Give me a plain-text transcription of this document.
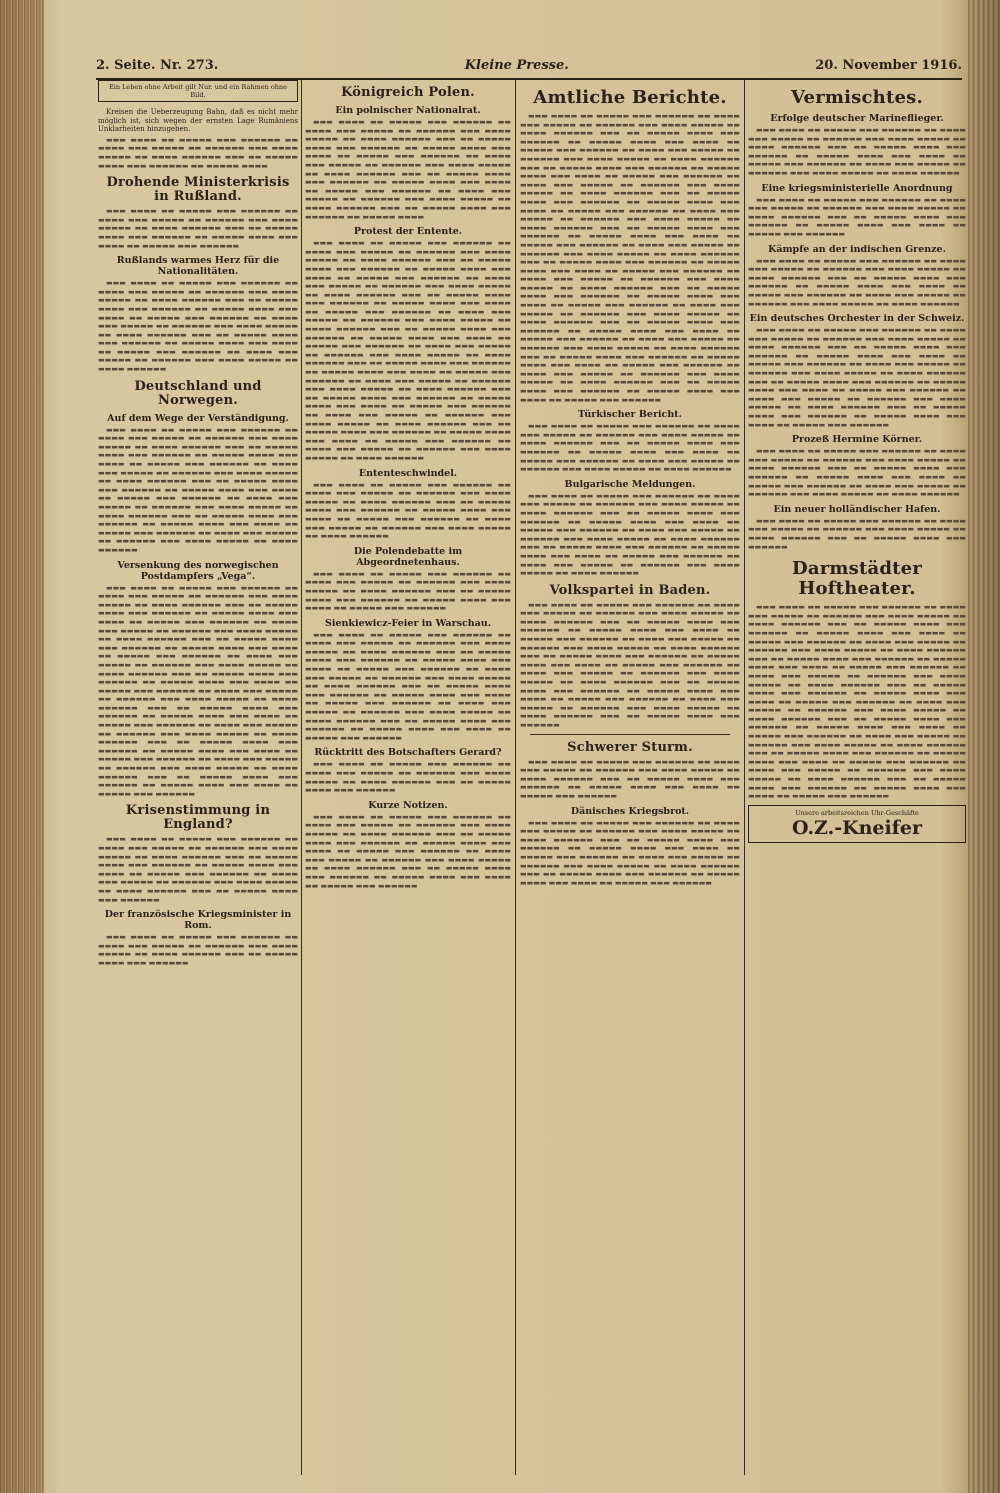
2. Seite. Nr. 273.	Kleine Presse.	20. November 1916.
Ein Leben ohne Arbeit gilt Nur. und ein Rahmen ohne Bild.

Kreisen die Ueberzeugung Bahn, daß es nicht mehr möglich ist, sich wegen der ernsten Lage Rumäniens Unklarheiten hinzugeben.

▬▬▬ ▬▬▬▬ ▬▬ ▬▬▬▬▬ ▬▬▬ ▬▬▬▬▬▬ ▬▬ ▬▬▬▬ ▬▬▬ ▬▬▬▬▬ ▬▬ ▬▬▬▬▬▬ ▬▬▬ ▬▬▬▬ ▬▬▬▬▬ ▬▬ ▬▬▬▬ ▬▬▬▬▬▬ ▬▬▬ ▬▬ ▬▬▬▬▬ ▬▬▬▬ ▬▬▬ ▬▬▬▬▬▬ ▬▬ ▬▬▬▬▬ ▬▬▬▬

Drohende Ministerkrisis in Rußland.

▬▬▬ ▬▬▬▬ ▬▬ ▬▬▬▬▬ ▬▬▬ ▬▬▬▬▬▬ ▬▬ ▬▬▬▬ ▬▬▬ ▬▬▬▬▬ ▬▬ ▬▬▬▬▬▬ ▬▬▬ ▬▬▬▬ ▬▬▬▬▬ ▬▬ ▬▬▬▬ ▬▬▬▬▬▬ ▬▬▬ ▬▬ ▬▬▬▬▬ ▬▬▬▬ ▬▬▬ ▬▬▬▬▬▬ ▬▬ ▬▬▬▬▬ ▬▬▬▬ ▬▬▬ ▬▬▬▬ ▬▬ ▬▬▬▬▬ ▬▬▬ ▬▬▬▬▬▬

Rußlands warmes Herz für die Nationalitäten.

▬▬▬ ▬▬▬▬ ▬▬ ▬▬▬▬▬ ▬▬▬ ▬▬▬▬▬▬ ▬▬ ▬▬▬▬ ▬▬▬ ▬▬▬▬▬ ▬▬ ▬▬▬▬▬▬ ▬▬▬ ▬▬▬▬ ▬▬▬▬▬ ▬▬ ▬▬▬▬ ▬▬▬▬▬▬ ▬▬▬ ▬▬ ▬▬▬▬▬ ▬▬▬▬ ▬▬▬ ▬▬▬▬▬▬ ▬▬ ▬▬▬▬▬ ▬▬▬▬ ▬▬▬ ▬▬▬▬ ▬▬ ▬▬▬▬▬ ▬▬▬ ▬▬▬▬▬▬ ▬▬ ▬▬▬▬ ▬▬▬ ▬▬▬▬▬ ▬▬ ▬▬▬▬▬▬ ▬▬▬ ▬▬▬▬ ▬▬▬▬▬ ▬▬ ▬▬▬▬ ▬▬▬▬▬▬ ▬▬▬ ▬▬ ▬▬▬▬▬ ▬▬▬▬ ▬▬▬ ▬▬▬▬▬▬ ▬▬ ▬▬▬▬▬ ▬▬▬▬ ▬▬▬ ▬▬▬▬ ▬▬ ▬▬▬▬▬ ▬▬▬ ▬▬▬▬▬▬ ▬▬ ▬▬▬▬ ▬▬▬ ▬▬▬▬▬ ▬▬ ▬▬▬▬▬▬ ▬▬▬ ▬▬▬▬ ▬▬▬▬▬ ▬▬ ▬▬▬▬ ▬▬▬▬▬▬

Deutschland und Norwegen.
Auf dem Wege der Verständigung.

▬▬▬ ▬▬▬▬ ▬▬ ▬▬▬▬▬ ▬▬▬ ▬▬▬▬▬▬ ▬▬ ▬▬▬▬ ▬▬▬ ▬▬▬▬▬ ▬▬ ▬▬▬▬▬▬ ▬▬▬ ▬▬▬▬ ▬▬▬▬▬ ▬▬ ▬▬▬▬ ▬▬▬▬▬▬ ▬▬▬ ▬▬ ▬▬▬▬▬ ▬▬▬▬ ▬▬▬ ▬▬▬▬▬▬ ▬▬ ▬▬▬▬▬ ▬▬▬▬ ▬▬▬ ▬▬▬▬ ▬▬ ▬▬▬▬▬ ▬▬▬ ▬▬▬▬▬▬ ▬▬ ▬▬▬▬ ▬▬▬ ▬▬▬▬▬ ▬▬ ▬▬▬▬▬▬ ▬▬▬ ▬▬▬▬ ▬▬▬▬▬ ▬▬ ▬▬▬▬ ▬▬▬▬▬▬ ▬▬▬ ▬▬ ▬▬▬▬▬ ▬▬▬▬ ▬▬▬ ▬▬▬▬▬▬ ▬▬ ▬▬▬▬▬ ▬▬▬▬ ▬▬▬ ▬▬▬▬ ▬▬ ▬▬▬▬▬ ▬▬▬ ▬▬▬▬▬▬ ▬▬ ▬▬▬▬ ▬▬▬ ▬▬▬▬▬ ▬▬ ▬▬▬▬▬▬ ▬▬▬ ▬▬▬▬ ▬▬▬▬▬ ▬▬ ▬▬▬▬ ▬▬▬▬▬▬ ▬▬▬ ▬▬ ▬▬▬▬▬ ▬▬▬▬ ▬▬▬ ▬▬▬▬▬▬ ▬▬ ▬▬▬▬▬ ▬▬▬▬ ▬▬▬ ▬▬▬▬ ▬▬ ▬▬▬▬▬ ▬▬▬ ▬▬▬▬▬▬ ▬▬ ▬▬▬▬ ▬▬▬ ▬▬▬▬▬ ▬▬ ▬▬▬▬▬▬ ▬▬▬ ▬▬▬▬ ▬▬▬▬▬ ▬▬ ▬▬▬▬ ▬▬▬▬▬▬

Versenkung des norwegischen Postdampfers „Vega“.

▬▬▬ ▬▬▬▬ ▬▬ ▬▬▬▬▬ ▬▬▬ ▬▬▬▬▬▬ ▬▬ ▬▬▬▬ ▬▬▬ ▬▬▬▬▬ ▬▬ ▬▬▬▬▬▬ ▬▬▬ ▬▬▬▬ ▬▬▬▬▬ ▬▬ ▬▬▬▬ ▬▬▬▬▬▬ ▬▬▬ ▬▬ ▬▬▬▬▬ ▬▬▬▬ ▬▬▬ ▬▬▬▬▬▬ ▬▬ ▬▬▬▬▬ ▬▬▬▬ ▬▬▬ ▬▬▬▬ ▬▬ ▬▬▬▬▬ ▬▬▬ ▬▬▬▬▬▬ ▬▬ ▬▬▬▬ ▬▬▬ ▬▬▬▬▬ ▬▬ ▬▬▬▬▬▬ ▬▬▬ ▬▬▬▬ ▬▬▬▬▬ ▬▬ ▬▬▬▬ ▬▬▬▬▬▬ ▬▬▬ ▬▬ ▬▬▬▬▬ ▬▬▬▬ ▬▬▬ ▬▬▬▬▬▬ ▬▬ ▬▬▬▬▬ ▬▬▬▬ ▬▬▬ ▬▬▬▬ ▬▬ ▬▬▬▬▬ ▬▬▬ ▬▬▬▬▬▬ ▬▬ ▬▬▬▬ ▬▬▬ ▬▬▬▬▬ ▬▬ ▬▬▬▬▬▬ ▬▬▬ ▬▬▬▬ ▬▬▬▬▬ ▬▬ ▬▬▬▬ ▬▬▬▬▬▬ ▬▬▬ ▬▬ ▬▬▬▬▬ ▬▬▬▬ ▬▬▬ ▬▬▬▬▬▬ ▬▬ ▬▬▬▬▬ ▬▬▬▬ ▬▬▬ ▬▬▬▬ ▬▬ ▬▬▬▬▬ ▬▬▬ ▬▬▬▬▬▬ ▬▬ ▬▬▬▬ ▬▬▬ ▬▬▬▬▬ ▬▬ ▬▬▬▬▬▬ ▬▬▬ ▬▬▬▬ ▬▬▬▬▬ ▬▬ ▬▬▬▬ ▬▬▬▬▬▬ ▬▬▬ ▬▬ ▬▬▬▬▬ ▬▬▬▬ ▬▬▬ ▬▬▬▬▬▬ ▬▬ ▬▬▬▬▬ ▬▬▬▬ ▬▬▬ ▬▬▬▬ ▬▬ ▬▬▬▬▬ ▬▬▬ ▬▬▬▬▬▬ ▬▬ ▬▬▬▬ ▬▬▬ ▬▬▬▬▬ ▬▬ ▬▬▬▬▬▬ ▬▬▬ ▬▬▬▬ ▬▬▬▬▬ ▬▬ ▬▬▬▬ ▬▬▬▬▬▬ ▬▬▬ ▬▬ ▬▬▬▬▬ ▬▬▬▬ ▬▬▬ ▬▬▬▬▬▬ ▬▬ ▬▬▬▬▬ ▬▬▬▬ ▬▬▬ ▬▬▬▬ ▬▬ ▬▬▬▬▬ ▬▬▬ ▬▬▬▬▬▬ ▬▬ ▬▬▬▬ ▬▬▬ ▬▬▬▬▬ ▬▬ ▬▬▬▬▬▬ ▬▬▬ ▬▬▬▬ ▬▬▬▬▬ ▬▬ ▬▬▬▬ ▬▬▬▬▬▬ ▬▬▬ ▬▬ ▬▬▬▬▬ ▬▬▬▬ ▬▬▬ ▬▬▬▬▬▬ ▬▬ ▬▬▬▬▬ ▬▬▬▬ ▬▬▬ ▬▬▬▬ ▬▬ ▬▬▬▬▬ ▬▬▬ ▬▬▬▬▬▬

Krisenstimmung in England?

▬▬▬ ▬▬▬▬ ▬▬ ▬▬▬▬▬ ▬▬▬ ▬▬▬▬▬▬ ▬▬ ▬▬▬▬ ▬▬▬ ▬▬▬▬▬ ▬▬ ▬▬▬▬▬▬ ▬▬▬ ▬▬▬▬ ▬▬▬▬▬ ▬▬ ▬▬▬▬ ▬▬▬▬▬▬ ▬▬▬ ▬▬ ▬▬▬▬▬ ▬▬▬▬ ▬▬▬ ▬▬▬▬▬▬ ▬▬ ▬▬▬▬▬ ▬▬▬▬ ▬▬▬ ▬▬▬▬ ▬▬ ▬▬▬▬▬ ▬▬▬ ▬▬▬▬▬▬ ▬▬ ▬▬▬▬ ▬▬▬ ▬▬▬▬▬ ▬▬ ▬▬▬▬▬▬ ▬▬▬ ▬▬▬▬ ▬▬▬▬▬ ▬▬ ▬▬▬▬ ▬▬▬▬▬▬ ▬▬▬ ▬▬ ▬▬▬▬▬ ▬▬▬▬ ▬▬▬ ▬▬▬▬▬▬

Der französische Kriegsminister in Rom.

▬▬▬ ▬▬▬▬ ▬▬ ▬▬▬▬▬ ▬▬▬ ▬▬▬▬▬▬ ▬▬ ▬▬▬▬ ▬▬▬ ▬▬▬▬▬ ▬▬ ▬▬▬▬▬▬ ▬▬▬ ▬▬▬▬ ▬▬▬▬▬ ▬▬ ▬▬▬▬ ▬▬▬▬▬▬ ▬▬▬ ▬▬ ▬▬▬▬▬ ▬▬▬▬ ▬▬▬ ▬▬▬▬▬▬

Königreich Polen.
Ein polnischer Nationalrat.

▬▬▬ ▬▬▬▬ ▬▬ ▬▬▬▬▬ ▬▬▬ ▬▬▬▬▬▬ ▬▬ ▬▬▬▬ ▬▬▬ ▬▬▬▬▬ ▬▬ ▬▬▬▬▬▬ ▬▬▬ ▬▬▬▬ ▬▬▬▬▬ ▬▬ ▬▬▬▬ ▬▬▬▬▬▬ ▬▬▬ ▬▬ ▬▬▬▬▬ ▬▬▬▬ ▬▬▬ ▬▬▬▬▬▬ ▬▬ ▬▬▬▬▬ ▬▬▬▬ ▬▬▬ ▬▬▬▬ ▬▬ ▬▬▬▬▬ ▬▬▬ ▬▬▬▬▬▬ ▬▬ ▬▬▬▬ ▬▬▬ ▬▬▬▬▬ ▬▬ ▬▬▬▬▬▬ ▬▬▬ ▬▬▬▬ ▬▬▬▬▬ ▬▬ ▬▬▬▬ ▬▬▬▬▬▬ ▬▬▬ ▬▬ ▬▬▬▬▬ ▬▬▬▬ ▬▬▬ ▬▬▬▬▬▬ ▬▬ ▬▬▬▬▬ ▬▬▬▬ ▬▬▬ ▬▬▬▬ ▬▬ ▬▬▬▬▬ ▬▬▬ ▬▬▬▬▬▬ ▬▬ ▬▬▬▬ ▬▬▬ ▬▬▬▬▬ ▬▬ ▬▬▬▬▬▬ ▬▬▬ ▬▬▬▬ ▬▬▬▬▬ ▬▬ ▬▬▬▬ ▬▬▬▬▬▬ ▬▬▬ ▬▬ ▬▬▬▬▬ ▬▬▬▬ ▬▬▬ ▬▬▬▬▬▬ ▬▬ ▬▬▬▬▬ ▬▬▬▬

Protest der Entente.

▬▬▬ ▬▬▬▬ ▬▬ ▬▬▬▬▬ ▬▬▬ ▬▬▬▬▬▬ ▬▬ ▬▬▬▬ ▬▬▬ ▬▬▬▬▬ ▬▬ ▬▬▬▬▬▬ ▬▬▬ ▬▬▬▬ ▬▬▬▬▬ ▬▬ ▬▬▬▬ ▬▬▬▬▬▬ ▬▬▬ ▬▬ ▬▬▬▬▬ ▬▬▬▬ ▬▬▬ ▬▬▬▬▬▬ ▬▬ ▬▬▬▬▬ ▬▬▬▬ ▬▬▬ ▬▬▬▬ ▬▬ ▬▬▬▬▬ ▬▬▬ ▬▬▬▬▬▬ ▬▬ ▬▬▬▬ ▬▬▬ ▬▬▬▬▬ ▬▬ ▬▬▬▬▬▬ ▬▬▬ ▬▬▬▬ ▬▬▬▬▬ ▬▬ ▬▬▬▬ ▬▬▬▬▬▬ ▬▬▬ ▬▬ ▬▬▬▬▬ ▬▬▬▬ ▬▬▬ ▬▬▬▬▬▬ ▬▬ ▬▬▬▬▬ ▬▬▬▬ ▬▬▬ ▬▬▬▬ ▬▬ ▬▬▬▬▬ ▬▬▬ ▬▬▬▬▬▬ ▬▬ ▬▬▬▬ ▬▬▬ ▬▬▬▬▬ ▬▬ ▬▬▬▬▬▬ ▬▬▬ ▬▬▬▬ ▬▬▬▬▬ ▬▬ ▬▬▬▬ ▬▬▬▬▬▬ ▬▬▬ ▬▬ ▬▬▬▬▬ ▬▬▬▬ ▬▬▬ ▬▬▬▬▬▬ ▬▬ ▬▬▬▬▬ ▬▬▬▬ ▬▬▬ ▬▬▬▬ ▬▬ ▬▬▬▬▬ ▬▬▬ ▬▬▬▬▬▬ ▬▬ ▬▬▬▬ ▬▬▬ ▬▬▬▬▬ ▬▬ ▬▬▬▬▬▬ ▬▬▬ ▬▬▬▬ ▬▬▬▬▬ ▬▬ ▬▬▬▬ ▬▬▬▬▬▬ ▬▬▬ ▬▬ ▬▬▬▬▬ ▬▬▬▬ ▬▬▬ ▬▬▬▬▬▬ ▬▬ ▬▬▬▬▬ ▬▬▬▬ ▬▬▬ ▬▬▬▬ ▬▬ ▬▬▬▬▬ ▬▬▬ ▬▬▬▬▬▬ ▬▬ ▬▬▬▬ ▬▬▬ ▬▬▬▬▬ ▬▬ ▬▬▬▬▬▬ ▬▬▬ ▬▬▬▬ ▬▬▬▬▬ ▬▬ ▬▬▬▬ ▬▬▬▬▬▬ ▬▬▬ ▬▬ ▬▬▬▬▬ ▬▬▬▬ ▬▬▬ ▬▬▬▬▬▬ ▬▬ ▬▬▬▬▬ ▬▬▬▬ ▬▬▬ ▬▬▬▬ ▬▬ ▬▬▬▬▬ ▬▬▬ ▬▬▬▬▬▬ ▬▬ ▬▬▬▬ ▬▬▬ ▬▬▬▬▬ ▬▬ ▬▬▬▬▬▬ ▬▬▬ ▬▬▬▬ ▬▬▬▬▬ ▬▬ ▬▬▬▬ ▬▬▬▬▬▬ ▬▬▬ ▬▬ ▬▬▬▬▬ ▬▬▬▬ ▬▬▬ ▬▬▬▬▬▬ ▬▬ ▬▬▬▬▬ ▬▬▬▬ ▬▬▬ ▬▬▬▬ ▬▬ ▬▬▬▬▬ ▬▬▬ ▬▬▬▬▬▬ ▬▬ ▬▬▬▬ ▬▬▬ ▬▬▬▬▬ ▬▬ ▬▬▬▬▬▬ ▬▬▬ ▬▬▬▬ ▬▬▬▬▬ ▬▬ ▬▬▬▬ ▬▬▬▬▬▬

Ententeschwindel.

▬▬▬ ▬▬▬▬ ▬▬ ▬▬▬▬▬ ▬▬▬ ▬▬▬▬▬▬ ▬▬ ▬▬▬▬ ▬▬▬ ▬▬▬▬▬ ▬▬ ▬▬▬▬▬▬ ▬▬▬ ▬▬▬▬ ▬▬▬▬▬ ▬▬ ▬▬▬▬ ▬▬▬▬▬▬ ▬▬▬ ▬▬ ▬▬▬▬▬ ▬▬▬▬ ▬▬▬ ▬▬▬▬▬▬ ▬▬ ▬▬▬▬▬ ▬▬▬▬ ▬▬▬ ▬▬▬▬ ▬▬ ▬▬▬▬▬ ▬▬▬ ▬▬▬▬▬▬ ▬▬ ▬▬▬▬ ▬▬▬ ▬▬▬▬▬ ▬▬ ▬▬▬▬▬▬ ▬▬▬ ▬▬▬▬ ▬▬▬▬▬ ▬▬ ▬▬▬▬ ▬▬▬▬▬▬

Die Polendebatte im Abgeordnetenhaus.

▬▬▬ ▬▬▬▬ ▬▬ ▬▬▬▬▬ ▬▬▬ ▬▬▬▬▬▬ ▬▬ ▬▬▬▬ ▬▬▬ ▬▬▬▬▬ ▬▬ ▬▬▬▬▬▬ ▬▬▬ ▬▬▬▬ ▬▬▬▬▬ ▬▬ ▬▬▬▬ ▬▬▬▬▬▬ ▬▬▬ ▬▬ ▬▬▬▬▬ ▬▬▬▬ ▬▬▬ ▬▬▬▬▬▬ ▬▬ ▬▬▬▬▬ ▬▬▬▬ ▬▬▬ ▬▬▬▬ ▬▬ ▬▬▬▬▬ ▬▬▬ ▬▬▬▬▬▬

Sienkiewicz-Feier in Warschau.

▬▬▬ ▬▬▬▬ ▬▬ ▬▬▬▬▬ ▬▬▬ ▬▬▬▬▬▬ ▬▬ ▬▬▬▬ ▬▬▬ ▬▬▬▬▬ ▬▬ ▬▬▬▬▬▬ ▬▬▬ ▬▬▬▬ ▬▬▬▬▬ ▬▬ ▬▬▬▬ ▬▬▬▬▬▬ ▬▬▬ ▬▬ ▬▬▬▬▬ ▬▬▬▬ ▬▬▬ ▬▬▬▬▬▬ ▬▬ ▬▬▬▬▬ ▬▬▬▬ ▬▬▬ ▬▬▬▬ ▬▬ ▬▬▬▬▬ ▬▬▬ ▬▬▬▬▬▬ ▬▬ ▬▬▬▬ ▬▬▬ ▬▬▬▬▬ ▬▬ ▬▬▬▬▬▬ ▬▬▬ ▬▬▬▬ ▬▬▬▬▬ ▬▬ ▬▬▬▬ ▬▬▬▬▬▬ ▬▬▬ ▬▬ ▬▬▬▬▬ ▬▬▬▬ ▬▬▬ ▬▬▬▬▬▬ ▬▬ ▬▬▬▬▬ ▬▬▬▬ ▬▬▬ ▬▬▬▬ ▬▬ ▬▬▬▬▬ ▬▬▬ ▬▬▬▬▬▬ ▬▬ ▬▬▬▬ ▬▬▬ ▬▬▬▬▬ ▬▬ ▬▬▬▬▬▬ ▬▬▬ ▬▬▬▬ ▬▬▬▬▬ ▬▬ ▬▬▬▬ ▬▬▬▬▬▬ ▬▬▬ ▬▬ ▬▬▬▬▬ ▬▬▬▬ ▬▬▬ ▬▬▬▬▬▬ ▬▬ ▬▬▬▬▬ ▬▬▬▬ ▬▬▬ ▬▬▬▬ ▬▬ ▬▬▬▬▬ ▬▬▬ ▬▬▬▬▬▬

Rücktritt des Botschafters Gerard?

▬▬▬ ▬▬▬▬ ▬▬ ▬▬▬▬▬ ▬▬▬ ▬▬▬▬▬▬ ▬▬ ▬▬▬▬ ▬▬▬ ▬▬▬▬▬ ▬▬ ▬▬▬▬▬▬ ▬▬▬ ▬▬▬▬ ▬▬▬▬▬ ▬▬ ▬▬▬▬ ▬▬▬▬▬▬ ▬▬▬ ▬▬ ▬▬▬▬▬ ▬▬▬▬ ▬▬▬ ▬▬▬▬▬▬

Kurze Notizen.

▬▬▬ ▬▬▬▬ ▬▬ ▬▬▬▬▬ ▬▬▬ ▬▬▬▬▬▬ ▬▬ ▬▬▬▬ ▬▬▬ ▬▬▬▬▬ ▬▬ ▬▬▬▬▬▬ ▬▬▬ ▬▬▬▬ ▬▬▬▬▬ ▬▬ ▬▬▬▬ ▬▬▬▬▬▬ ▬▬▬ ▬▬ ▬▬▬▬▬ ▬▬▬▬ ▬▬▬ ▬▬▬▬▬▬ ▬▬ ▬▬▬▬▬ ▬▬▬▬ ▬▬▬ ▬▬▬▬ ▬▬ ▬▬▬▬▬ ▬▬▬ ▬▬▬▬▬▬ ▬▬ ▬▬▬▬ ▬▬▬ ▬▬▬▬▬ ▬▬ ▬▬▬▬▬▬ ▬▬▬ ▬▬▬▬ ▬▬▬▬▬ ▬▬ ▬▬▬▬ ▬▬▬▬▬▬ ▬▬▬ ▬▬ ▬▬▬▬▬ ▬▬▬▬ ▬▬▬ ▬▬▬▬▬▬ ▬▬ ▬▬▬▬▬ ▬▬▬▬ ▬▬▬ ▬▬▬▬ ▬▬ ▬▬▬▬▬ ▬▬▬ ▬▬▬▬▬▬

Amtliche Berichte.

▬▬▬ ▬▬▬▬ ▬▬ ▬▬▬▬▬ ▬▬▬ ▬▬▬▬▬▬ ▬▬ ▬▬▬▬ ▬▬▬ ▬▬▬▬▬ ▬▬ ▬▬▬▬▬▬ ▬▬▬ ▬▬▬▬ ▬▬▬▬▬ ▬▬ ▬▬▬▬ ▬▬▬▬▬▬ ▬▬▬ ▬▬ ▬▬▬▬▬ ▬▬▬▬ ▬▬▬ ▬▬▬▬▬▬ ▬▬ ▬▬▬▬▬ ▬▬▬▬ ▬▬▬ ▬▬▬▬ ▬▬ ▬▬▬▬▬ ▬▬▬ ▬▬▬▬▬▬ ▬▬ ▬▬▬▬ ▬▬▬ ▬▬▬▬▬ ▬▬ ▬▬▬▬▬▬ ▬▬▬ ▬▬▬▬ ▬▬▬▬▬ ▬▬ ▬▬▬▬ ▬▬▬▬▬▬ ▬▬▬ ▬▬ ▬▬▬▬▬ ▬▬▬▬ ▬▬▬ ▬▬▬▬▬▬ ▬▬ ▬▬▬▬▬ ▬▬▬▬ ▬▬▬ ▬▬▬▬ ▬▬ ▬▬▬▬▬ ▬▬▬ ▬▬▬▬▬▬ ▬▬ ▬▬▬▬ ▬▬▬ ▬▬▬▬▬ ▬▬ ▬▬▬▬▬▬ ▬▬▬ ▬▬▬▬ ▬▬▬▬▬ ▬▬ ▬▬▬▬ ▬▬▬▬▬▬ ▬▬▬ ▬▬ ▬▬▬▬▬ ▬▬▬▬ ▬▬▬ ▬▬▬▬▬▬ ▬▬ ▬▬▬▬▬ ▬▬▬▬ ▬▬▬ ▬▬▬▬ ▬▬ ▬▬▬▬▬ ▬▬▬ ▬▬▬▬▬▬ ▬▬ ▬▬▬▬ ▬▬▬ ▬▬▬▬▬ ▬▬ ▬▬▬▬▬▬ ▬▬▬ ▬▬▬▬ ▬▬▬▬▬ ▬▬ ▬▬▬▬ ▬▬▬▬▬▬ ▬▬▬ ▬▬ ▬▬▬▬▬ ▬▬▬▬ ▬▬▬ ▬▬▬▬▬▬ ▬▬ ▬▬▬▬▬ ▬▬▬▬ ▬▬▬ ▬▬▬▬ ▬▬ ▬▬▬▬▬ ▬▬▬ ▬▬▬▬▬▬ ▬▬ ▬▬▬▬ ▬▬▬ ▬▬▬▬▬ ▬▬ ▬▬▬▬▬▬ ▬▬▬ ▬▬▬▬ ▬▬▬▬▬ ▬▬ ▬▬▬▬ ▬▬▬▬▬▬ ▬▬▬ ▬▬ ▬▬▬▬▬ ▬▬▬▬ ▬▬▬ ▬▬▬▬▬▬ ▬▬ ▬▬▬▬▬ ▬▬▬▬ ▬▬▬ ▬▬▬▬ ▬▬ ▬▬▬▬▬ ▬▬▬ ▬▬▬▬▬▬ ▬▬ ▬▬▬▬ ▬▬▬ ▬▬▬▬▬ ▬▬ ▬▬▬▬▬▬ ▬▬▬ ▬▬▬▬ ▬▬▬▬▬ ▬▬ ▬▬▬▬ ▬▬▬▬▬▬ ▬▬▬ ▬▬ ▬▬▬▬▬ ▬▬▬▬ ▬▬▬ ▬▬▬▬▬▬ ▬▬ ▬▬▬▬▬ ▬▬▬▬ ▬▬▬ ▬▬▬▬ ▬▬ ▬▬▬▬▬ ▬▬▬ ▬▬▬▬▬▬ ▬▬ ▬▬▬▬ ▬▬▬ ▬▬▬▬▬ ▬▬ ▬▬▬▬▬▬ ▬▬▬ ▬▬▬▬ ▬▬▬▬▬ ▬▬ ▬▬▬▬ ▬▬▬▬▬▬ ▬▬▬ ▬▬ ▬▬▬▬▬ ▬▬▬▬ ▬▬▬ ▬▬▬▬▬▬ ▬▬ ▬▬▬▬▬ ▬▬▬▬ ▬▬▬ ▬▬▬▬ ▬▬ ▬▬▬▬▬ ▬▬▬ ▬▬▬▬▬▬ ▬▬ ▬▬▬▬ ▬▬▬ ▬▬▬▬▬ ▬▬ ▬▬▬▬▬▬ ▬▬▬ ▬▬▬▬ ▬▬▬▬▬ ▬▬ ▬▬▬▬ ▬▬▬▬▬▬ ▬▬▬ ▬▬ ▬▬▬▬▬ ▬▬▬▬ ▬▬▬ ▬▬▬▬▬▬ ▬▬ ▬▬▬▬▬ ▬▬▬▬ ▬▬▬ ▬▬▬▬ ▬▬ ▬▬▬▬▬ ▬▬▬ ▬▬▬▬▬▬ ▬▬ ▬▬▬▬ ▬▬▬ ▬▬▬▬▬ ▬▬ ▬▬▬▬▬▬ ▬▬▬ ▬▬▬▬ ▬▬▬▬▬ ▬▬ ▬▬▬▬ ▬▬▬▬▬▬ ▬▬▬ ▬▬ ▬▬▬▬▬ ▬▬▬▬ ▬▬▬ ▬▬▬▬▬▬ ▬▬ ▬▬▬▬▬ ▬▬▬▬ ▬▬▬ ▬▬▬▬ ▬▬ ▬▬▬▬▬ ▬▬▬ ▬▬▬▬▬▬

Türkischer Bericht.

▬▬▬ ▬▬▬▬ ▬▬ ▬▬▬▬▬ ▬▬▬ ▬▬▬▬▬▬ ▬▬ ▬▬▬▬ ▬▬▬ ▬▬▬▬▬ ▬▬ ▬▬▬▬▬▬ ▬▬▬ ▬▬▬▬ ▬▬▬▬▬ ▬▬ ▬▬▬▬ ▬▬▬▬▬▬ ▬▬▬ ▬▬ ▬▬▬▬▬ ▬▬▬▬ ▬▬▬ ▬▬▬▬▬▬ ▬▬ ▬▬▬▬▬ ▬▬▬▬ ▬▬▬ ▬▬▬▬ ▬▬ ▬▬▬▬▬ ▬▬▬ ▬▬▬▬▬▬ ▬▬ ▬▬▬▬ ▬▬▬ ▬▬▬▬▬ ▬▬ ▬▬▬▬▬▬ ▬▬▬ ▬▬▬▬ ▬▬▬▬▬ ▬▬ ▬▬▬▬ ▬▬▬▬▬▬

Bulgarische Meldungen.

▬▬▬ ▬▬▬▬ ▬▬ ▬▬▬▬▬ ▬▬▬ ▬▬▬▬▬▬ ▬▬ ▬▬▬▬ ▬▬▬ ▬▬▬▬▬ ▬▬ ▬▬▬▬▬▬ ▬▬▬ ▬▬▬▬ ▬▬▬▬▬ ▬▬ ▬▬▬▬ ▬▬▬▬▬▬ ▬▬▬ ▬▬ ▬▬▬▬▬ ▬▬▬▬ ▬▬▬ ▬▬▬▬▬▬ ▬▬ ▬▬▬▬▬ ▬▬▬▬ ▬▬▬ ▬▬▬▬ ▬▬ ▬▬▬▬▬ ▬▬▬ ▬▬▬▬▬▬ ▬▬ ▬▬▬▬ ▬▬▬ ▬▬▬▬▬ ▬▬ ▬▬▬▬▬▬ ▬▬▬ ▬▬▬▬ ▬▬▬▬▬ ▬▬ ▬▬▬▬ ▬▬▬▬▬▬ ▬▬▬ ▬▬ ▬▬▬▬▬ ▬▬▬▬ ▬▬▬ ▬▬▬▬▬▬ ▬▬ ▬▬▬▬▬ ▬▬▬▬ ▬▬▬ ▬▬▬▬ ▬▬ ▬▬▬▬▬ ▬▬▬ ▬▬▬▬▬▬ ▬▬ ▬▬▬▬ ▬▬▬ ▬▬▬▬▬ ▬▬ ▬▬▬▬▬▬ ▬▬▬ ▬▬▬▬ ▬▬▬▬▬ ▬▬ ▬▬▬▬ ▬▬▬▬▬▬

Volkspartei in Baden.

▬▬▬ ▬▬▬▬ ▬▬ ▬▬▬▬▬ ▬▬▬ ▬▬▬▬▬▬ ▬▬ ▬▬▬▬ ▬▬▬ ▬▬▬▬▬ ▬▬ ▬▬▬▬▬▬ ▬▬▬ ▬▬▬▬ ▬▬▬▬▬ ▬▬ ▬▬▬▬ ▬▬▬▬▬▬ ▬▬▬ ▬▬ ▬▬▬▬▬ ▬▬▬▬ ▬▬▬ ▬▬▬▬▬▬ ▬▬ ▬▬▬▬▬ ▬▬▬▬ ▬▬▬ ▬▬▬▬ ▬▬ ▬▬▬▬▬ ▬▬▬ ▬▬▬▬▬▬ ▬▬ ▬▬▬▬ ▬▬▬ ▬▬▬▬▬ ▬▬ ▬▬▬▬▬▬ ▬▬▬ ▬▬▬▬ ▬▬▬▬▬ ▬▬ ▬▬▬▬ ▬▬▬▬▬▬ ▬▬▬ ▬▬ ▬▬▬▬▬ ▬▬▬▬ ▬▬▬ ▬▬▬▬▬▬ ▬▬ ▬▬▬▬▬ ▬▬▬▬ ▬▬▬ ▬▬▬▬ ▬▬ ▬▬▬▬▬ ▬▬▬ ▬▬▬▬▬▬ ▬▬ ▬▬▬▬ ▬▬▬ ▬▬▬▬▬ ▬▬ ▬▬▬▬▬▬ ▬▬▬ ▬▬▬▬ ▬▬▬▬▬ ▬▬ ▬▬▬▬ ▬▬▬▬▬▬ ▬▬▬ ▬▬ ▬▬▬▬▬ ▬▬▬▬ ▬▬▬ ▬▬▬▬▬▬ ▬▬ ▬▬▬▬▬ ▬▬▬▬ ▬▬▬ ▬▬▬▬ ▬▬ ▬▬▬▬▬ ▬▬▬ ▬▬▬▬▬▬ ▬▬ ▬▬▬▬ ▬▬▬ ▬▬▬▬▬ ▬▬ ▬▬▬▬▬▬ ▬▬▬ ▬▬▬▬ ▬▬▬▬▬ ▬▬ ▬▬▬▬ ▬▬▬▬▬▬ ▬▬▬ ▬▬ ▬▬▬▬▬ ▬▬▬▬ ▬▬▬ ▬▬▬▬▬▬

Schwerer Sturm.

▬▬▬ ▬▬▬▬ ▬▬ ▬▬▬▬▬ ▬▬▬ ▬▬▬▬▬▬ ▬▬ ▬▬▬▬ ▬▬▬ ▬▬▬▬▬ ▬▬ ▬▬▬▬▬▬ ▬▬▬ ▬▬▬▬ ▬▬▬▬▬ ▬▬ ▬▬▬▬ ▬▬▬▬▬▬ ▬▬▬ ▬▬ ▬▬▬▬▬ ▬▬▬▬ ▬▬▬ ▬▬▬▬▬▬ ▬▬ ▬▬▬▬▬ ▬▬▬▬ ▬▬▬ ▬▬▬▬ ▬▬ ▬▬▬▬▬ ▬▬▬ ▬▬▬▬▬▬

Dänisches Kriegsbrot.

▬▬▬ ▬▬▬▬ ▬▬ ▬▬▬▬▬ ▬▬▬ ▬▬▬▬▬▬ ▬▬ ▬▬▬▬ ▬▬▬ ▬▬▬▬▬ ▬▬ ▬▬▬▬▬▬ ▬▬▬ ▬▬▬▬ ▬▬▬▬▬ ▬▬ ▬▬▬▬ ▬▬▬▬▬▬ ▬▬▬ ▬▬ ▬▬▬▬▬ ▬▬▬▬ ▬▬▬ ▬▬▬▬▬▬ ▬▬ ▬▬▬▬▬ ▬▬▬▬ ▬▬▬ ▬▬▬▬ ▬▬ ▬▬▬▬▬ ▬▬▬ ▬▬▬▬▬▬ ▬▬ ▬▬▬▬ ▬▬▬ ▬▬▬▬▬ ▬▬ ▬▬▬▬▬▬ ▬▬▬ ▬▬▬▬ ▬▬▬▬▬ ▬▬ ▬▬▬▬ ▬▬▬▬▬▬ ▬▬▬ ▬▬ ▬▬▬▬▬ ▬▬▬▬ ▬▬▬ ▬▬▬▬▬▬ ▬▬ ▬▬▬▬▬ ▬▬▬▬ ▬▬▬ ▬▬▬▬ ▬▬ ▬▬▬▬▬ ▬▬▬ ▬▬▬▬▬▬

Vermischtes.
Erfolge deutscher Marineflieger.

▬▬▬ ▬▬▬▬ ▬▬ ▬▬▬▬▬ ▬▬▬ ▬▬▬▬▬▬ ▬▬ ▬▬▬▬ ▬▬▬ ▬▬▬▬▬ ▬▬ ▬▬▬▬▬▬ ▬▬▬ ▬▬▬▬ ▬▬▬▬▬ ▬▬ ▬▬▬▬ ▬▬▬▬▬▬ ▬▬▬ ▬▬ ▬▬▬▬▬ ▬▬▬▬ ▬▬▬ ▬▬▬▬▬▬ ▬▬ ▬▬▬▬▬ ▬▬▬▬ ▬▬▬ ▬▬▬▬ ▬▬ ▬▬▬▬▬ ▬▬▬ ▬▬▬▬▬▬ ▬▬ ▬▬▬▬ ▬▬▬ ▬▬▬▬▬ ▬▬ ▬▬▬▬▬▬ ▬▬▬ ▬▬▬▬ ▬▬▬▬▬ ▬▬ ▬▬▬▬ ▬▬▬▬▬▬

Eine kriegsministerielle Anordnung

▬▬▬ ▬▬▬▬ ▬▬ ▬▬▬▬▬ ▬▬▬ ▬▬▬▬▬▬ ▬▬ ▬▬▬▬ ▬▬▬ ▬▬▬▬▬ ▬▬ ▬▬▬▬▬▬ ▬▬▬ ▬▬▬▬ ▬▬▬▬▬ ▬▬ ▬▬▬▬ ▬▬▬▬▬▬ ▬▬▬ ▬▬ ▬▬▬▬▬ ▬▬▬▬ ▬▬▬ ▬▬▬▬▬▬ ▬▬ ▬▬▬▬▬ ▬▬▬▬ ▬▬▬ ▬▬▬▬ ▬▬ ▬▬▬▬▬ ▬▬▬ ▬▬▬▬▬▬

Kämpfe an der indischen Grenze.

▬▬▬ ▬▬▬▬ ▬▬ ▬▬▬▬▬ ▬▬▬ ▬▬▬▬▬▬ ▬▬ ▬▬▬▬ ▬▬▬ ▬▬▬▬▬ ▬▬ ▬▬▬▬▬▬ ▬▬▬ ▬▬▬▬ ▬▬▬▬▬ ▬▬ ▬▬▬▬ ▬▬▬▬▬▬ ▬▬▬ ▬▬ ▬▬▬▬▬ ▬▬▬▬ ▬▬▬ ▬▬▬▬▬▬ ▬▬ ▬▬▬▬▬ ▬▬▬▬ ▬▬▬ ▬▬▬▬ ▬▬ ▬▬▬▬▬ ▬▬▬ ▬▬▬▬▬▬ ▬▬ ▬▬▬▬ ▬▬▬ ▬▬▬▬▬ ▬▬ ▬▬▬▬▬▬ ▬▬▬ ▬▬▬▬ ▬▬▬▬▬ ▬▬ ▬▬▬▬ ▬▬▬▬▬▬

Ein deutsches Orchester in der Schweiz.

▬▬▬ ▬▬▬▬ ▬▬ ▬▬▬▬▬ ▬▬▬ ▬▬▬▬▬▬ ▬▬ ▬▬▬▬ ▬▬▬ ▬▬▬▬▬ ▬▬ ▬▬▬▬▬▬ ▬▬▬ ▬▬▬▬ ▬▬▬▬▬ ▬▬ ▬▬▬▬ ▬▬▬▬▬▬ ▬▬▬ ▬▬ ▬▬▬▬▬ ▬▬▬▬ ▬▬▬ ▬▬▬▬▬▬ ▬▬ ▬▬▬▬▬ ▬▬▬▬ ▬▬▬ ▬▬▬▬ ▬▬ ▬▬▬▬▬ ▬▬▬ ▬▬▬▬▬▬ ▬▬ ▬▬▬▬ ▬▬▬ ▬▬▬▬▬ ▬▬ ▬▬▬▬▬▬ ▬▬▬ ▬▬▬▬ ▬▬▬▬▬ ▬▬ ▬▬▬▬ ▬▬▬▬▬▬ ▬▬▬ ▬▬ ▬▬▬▬▬ ▬▬▬▬ ▬▬▬ ▬▬▬▬▬▬ ▬▬ ▬▬▬▬▬ ▬▬▬▬ ▬▬▬ ▬▬▬▬ ▬▬ ▬▬▬▬▬ ▬▬▬ ▬▬▬▬▬▬ ▬▬ ▬▬▬▬ ▬▬▬ ▬▬▬▬▬ ▬▬ ▬▬▬▬▬▬ ▬▬▬ ▬▬▬▬ ▬▬▬▬▬ ▬▬ ▬▬▬▬ ▬▬▬▬▬▬ ▬▬▬ ▬▬ ▬▬▬▬▬ ▬▬▬▬ ▬▬▬ ▬▬▬▬▬▬ ▬▬ ▬▬▬▬▬ ▬▬▬▬ ▬▬▬ ▬▬▬▬ ▬▬ ▬▬▬▬▬ ▬▬▬ ▬▬▬▬▬▬

Prozeß Hermine Körner.

▬▬▬ ▬▬▬▬ ▬▬ ▬▬▬▬▬ ▬▬▬ ▬▬▬▬▬▬ ▬▬ ▬▬▬▬ ▬▬▬ ▬▬▬▬▬ ▬▬ ▬▬▬▬▬▬ ▬▬▬ ▬▬▬▬ ▬▬▬▬▬ ▬▬ ▬▬▬▬ ▬▬▬▬▬▬ ▬▬▬ ▬▬ ▬▬▬▬▬ ▬▬▬▬ ▬▬▬ ▬▬▬▬▬▬ ▬▬ ▬▬▬▬▬ ▬▬▬▬ ▬▬▬ ▬▬▬▬ ▬▬ ▬▬▬▬▬ ▬▬▬ ▬▬▬▬▬▬ ▬▬ ▬▬▬▬ ▬▬▬ ▬▬▬▬▬ ▬▬ ▬▬▬▬▬▬ ▬▬▬ ▬▬▬▬ ▬▬▬▬▬ ▬▬ ▬▬▬▬ ▬▬▬▬▬▬

Ein neuer holländischer Hafen.

▬▬▬ ▬▬▬▬ ▬▬ ▬▬▬▬▬ ▬▬▬ ▬▬▬▬▬▬ ▬▬ ▬▬▬▬ ▬▬▬ ▬▬▬▬▬ ▬▬ ▬▬▬▬▬▬ ▬▬▬ ▬▬▬▬ ▬▬▬▬▬ ▬▬ ▬▬▬▬ ▬▬▬▬▬▬ ▬▬▬ ▬▬ ▬▬▬▬▬ ▬▬▬▬ ▬▬▬ ▬▬▬▬▬▬

Darmstädter Hoftheater.

▬▬▬ ▬▬▬▬ ▬▬ ▬▬▬▬▬ ▬▬▬ ▬▬▬▬▬▬ ▬▬ ▬▬▬▬ ▬▬▬ ▬▬▬▬▬ ▬▬ ▬▬▬▬▬▬ ▬▬▬ ▬▬▬▬ ▬▬▬▬▬ ▬▬ ▬▬▬▬ ▬▬▬▬▬▬ ▬▬▬ ▬▬ ▬▬▬▬▬ ▬▬▬▬ ▬▬▬ ▬▬▬▬▬▬ ▬▬ ▬▬▬▬▬ ▬▬▬▬ ▬▬▬ ▬▬▬▬ ▬▬ ▬▬▬▬▬ ▬▬▬ ▬▬▬▬▬▬ ▬▬ ▬▬▬▬ ▬▬▬ ▬▬▬▬▬ ▬▬ ▬▬▬▬▬▬ ▬▬▬ ▬▬▬▬ ▬▬▬▬▬ ▬▬ ▬▬▬▬ ▬▬▬▬▬▬ ▬▬▬ ▬▬ ▬▬▬▬▬ ▬▬▬▬ ▬▬▬ ▬▬▬▬▬▬ ▬▬ ▬▬▬▬▬ ▬▬▬▬ ▬▬▬ ▬▬▬▬ ▬▬ ▬▬▬▬▬ ▬▬▬ ▬▬▬▬▬▬ ▬▬ ▬▬▬▬ ▬▬▬ ▬▬▬▬▬ ▬▬ ▬▬▬▬▬▬ ▬▬▬ ▬▬▬▬ ▬▬▬▬▬ ▬▬ ▬▬▬▬ ▬▬▬▬▬▬ ▬▬▬ ▬▬ ▬▬▬▬▬ ▬▬▬▬ ▬▬▬ ▬▬▬▬▬▬ ▬▬ ▬▬▬▬▬ ▬▬▬▬ ▬▬▬ ▬▬▬▬ ▬▬ ▬▬▬▬▬ ▬▬▬ ▬▬▬▬▬▬ ▬▬ ▬▬▬▬ ▬▬▬ ▬▬▬▬▬ ▬▬ ▬▬▬▬▬▬ ▬▬▬ ▬▬▬▬ ▬▬▬▬▬ ▬▬ ▬▬▬▬ ▬▬▬▬▬▬ ▬▬▬ ▬▬ ▬▬▬▬▬ ▬▬▬▬ ▬▬▬ ▬▬▬▬▬▬ ▬▬ ▬▬▬▬▬ ▬▬▬▬ ▬▬▬ ▬▬▬▬ ▬▬ ▬▬▬▬▬ ▬▬▬ ▬▬▬▬▬▬ ▬▬ ▬▬▬▬ ▬▬▬ ▬▬▬▬▬ ▬▬ ▬▬▬▬▬▬ ▬▬▬ ▬▬▬▬ ▬▬▬▬▬ ▬▬ ▬▬▬▬ ▬▬▬▬▬▬ ▬▬▬ ▬▬ ▬▬▬▬▬ ▬▬▬▬ ▬▬▬ ▬▬▬▬▬▬ ▬▬ ▬▬▬▬▬ ▬▬▬▬ ▬▬▬ ▬▬▬▬ ▬▬ ▬▬▬▬▬ ▬▬▬ ▬▬▬▬▬▬ ▬▬ ▬▬▬▬ ▬▬▬ ▬▬▬▬▬ ▬▬ ▬▬▬▬▬▬ ▬▬▬ ▬▬▬▬ ▬▬▬▬▬ ▬▬ ▬▬▬▬ ▬▬▬▬▬▬ ▬▬▬ ▬▬ ▬▬▬▬▬ ▬▬▬▬ ▬▬▬ ▬▬▬▬▬▬ ▬▬ ▬▬▬▬▬ ▬▬▬▬ ▬▬▬ ▬▬▬▬ ▬▬ ▬▬▬▬▬ ▬▬▬ ▬▬▬▬▬▬

Unsere arbeitsreichen Uhr-Geschäfte
O.Z.-Kneifer
